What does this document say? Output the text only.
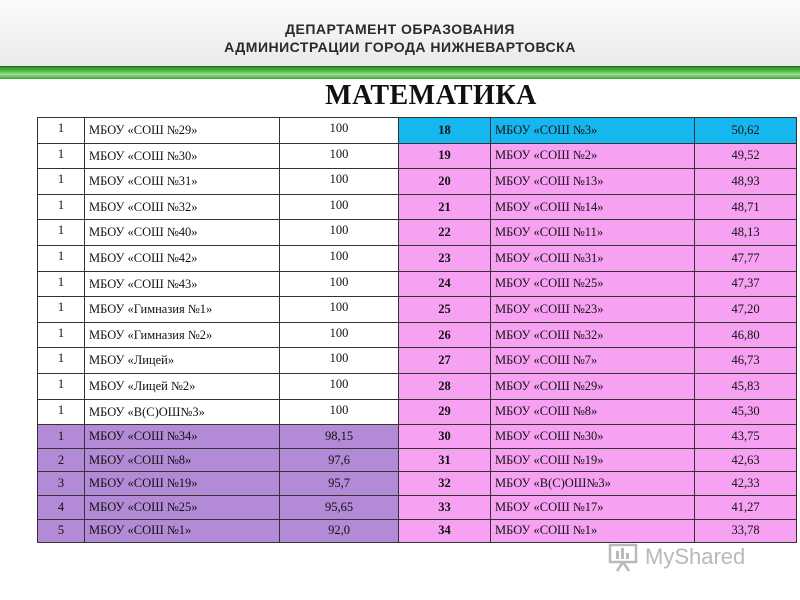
ДЕПАРТАМЕНТ ОБРАЗОВАНИЯ
АДМИНИСТРАЦИИ ГОРОДА НИЖНЕВАРТОВСКА
МАТЕМАТИКА
1	МБОУ «СОШ №29»	100	18	МБОУ «СОШ №3»	50,62
1	МБОУ «СОШ №30»	100	19	МБОУ «СОШ №2»	49,52
1	МБОУ «СОШ №31»	100	20	МБОУ «СОШ №13»	48,93
1	МБОУ «СОШ №32»	100	21	МБОУ «СОШ №14»	48,71
1	МБОУ «СОШ №40»	100	22	МБОУ «СОШ №11»	48,13
1	МБОУ «СОШ №42»	100	23	МБОУ «СОШ №31»	47,77
1	МБОУ «СОШ №43»	100	24	МБОУ «СОШ №25»	47,37
1	МБОУ «Гимназия №1»	100	25	МБОУ «СОШ №23»	47,20
1	МБОУ «Гимназия №2»	100	26	МБОУ «СОШ №32»	46,80
1	МБОУ «Лицей»	100	27	МБОУ «СОШ №7»	46,73
1	МБОУ «Лицей №2»	100	28	МБОУ «СОШ №29»	45,83
1	МБОУ «В(С)ОШ№3»	100	29	МБОУ «СОШ №8»	45,30
1	МБОУ «СОШ №34»	98,15	30	МБОУ «СОШ №30»	43,75
2	МБОУ «СОШ №8»	97,6	31	МБОУ «СОШ №19»	42,63
3	МБОУ «СОШ №19»	95,7	32	МБОУ «В(С)ОШ№3»	42,33
4	МБОУ «СОШ №25»	95,65	33	МБОУ «СОШ №17»	41,27
5	МБОУ «СОШ №1»	92,0	34	МБОУ «СОШ №1»	33,78
MyShared
